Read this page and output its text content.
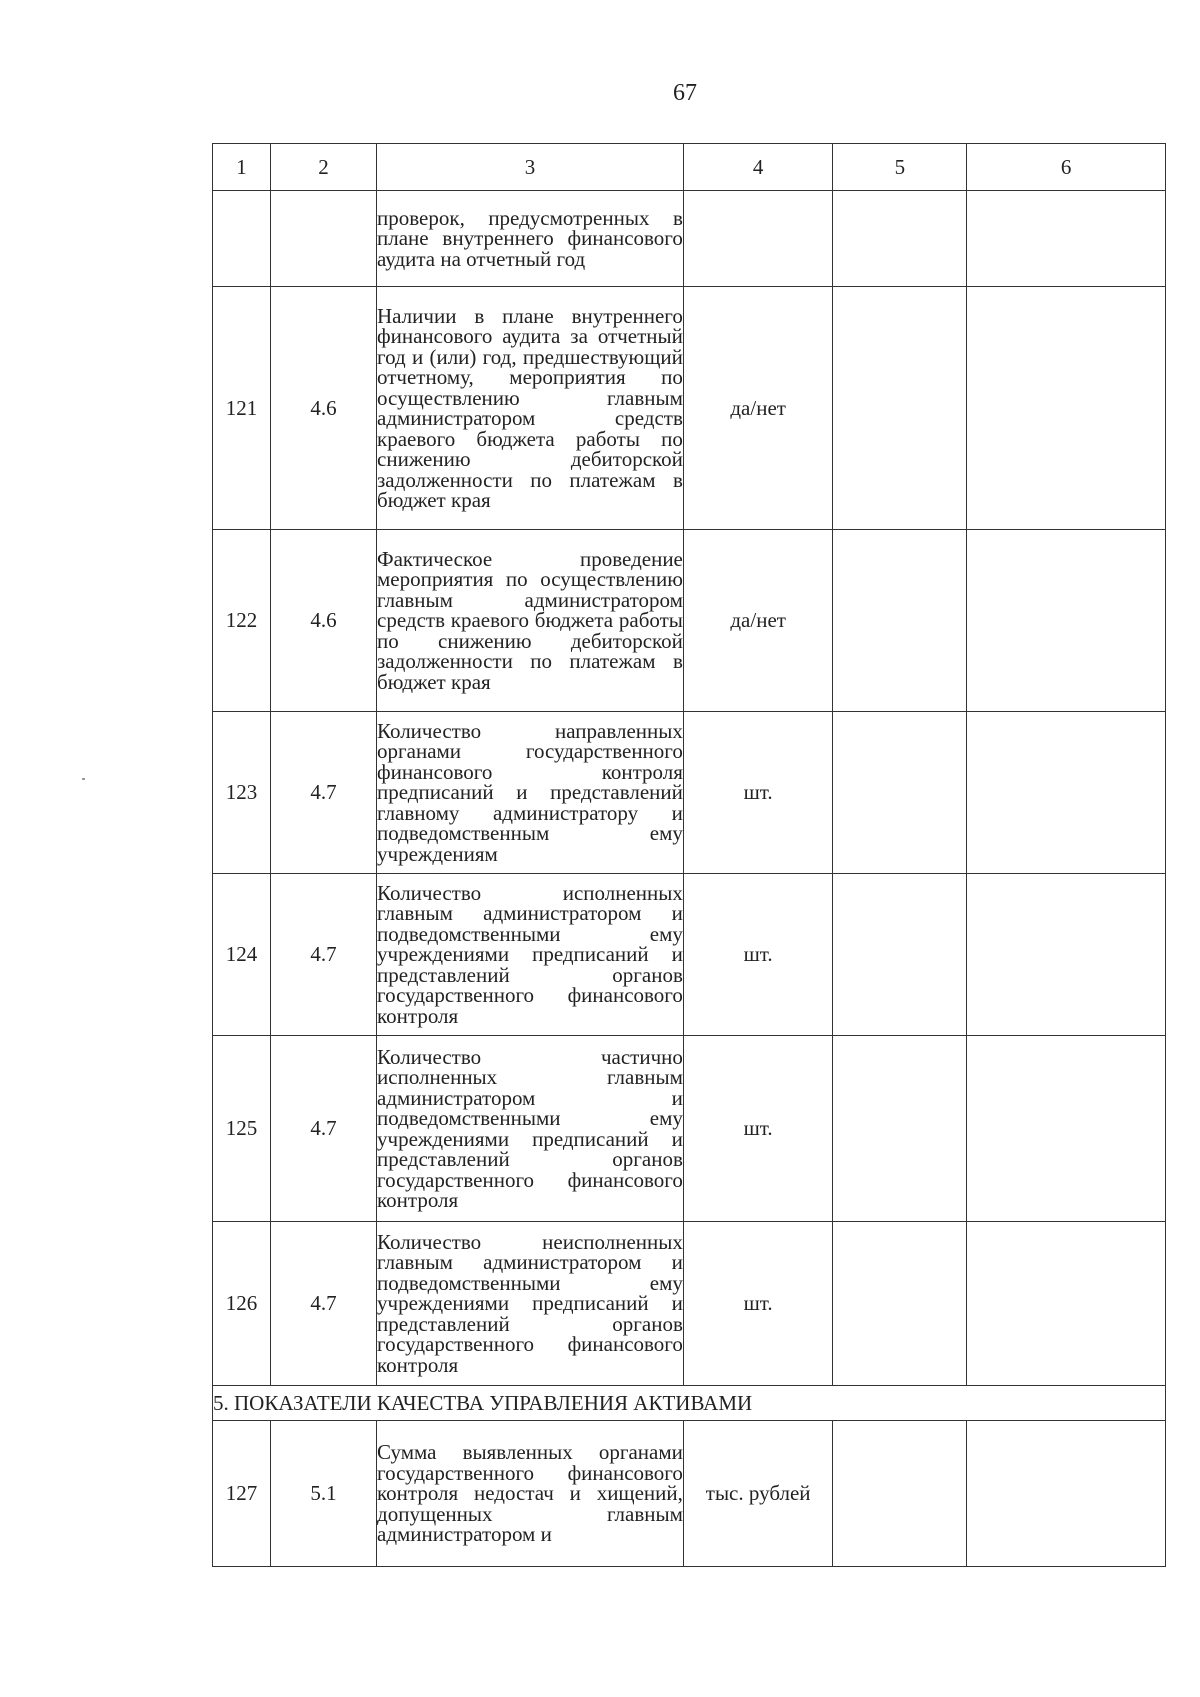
67
1	2	3	4	5	6
		проверок, предусмотренных в плане внутреннего финансового аудита на отчетный год			
121	4.6	Наличии в плане внутреннего финансового аудита за отчетный год и (или) год, предшествующий отчетному, мероприятия по осуществлению главным администратором средств краевого бюджета работы по снижению дебиторской задолженности по платежам в бюджет края	да/нет		
122	4.6	Фактическое проведение мероприятия по осуществлению главным администратором средств краевого бюджета работы по снижению дебиторской задолженности по платежам в бюджет края	да/нет		
123	4.7	Количество направленных органами государственного финансового контроля предписаний и представлений главному администратору и подведомственным ему учреждениям	шт.		
124	4.7	Количество исполненных главным администратором и подведомственными ему учреждениями предписаний и представлений органов государственного финансового контроля	шт.		
125	4.7	Количество частично исполненных главным администратором и подведомственными ему учреждениями предписаний и представлений органов государственного финансового контроля	шт.		
126	4.7	Количество неисполненных главным администратором и подведомственными ему учреждениями предписаний и представлений органов государственного финансового контроля	шт.		
5. ПОКАЗАТЕЛИ КАЧЕСТВА УПРАВЛЕНИЯ АКТИВАМИ					
127	5.1	Сумма выявленных органами государственного финансового контроля недостач и хищений, допущенных главным администратором и	тыс. рублей		
